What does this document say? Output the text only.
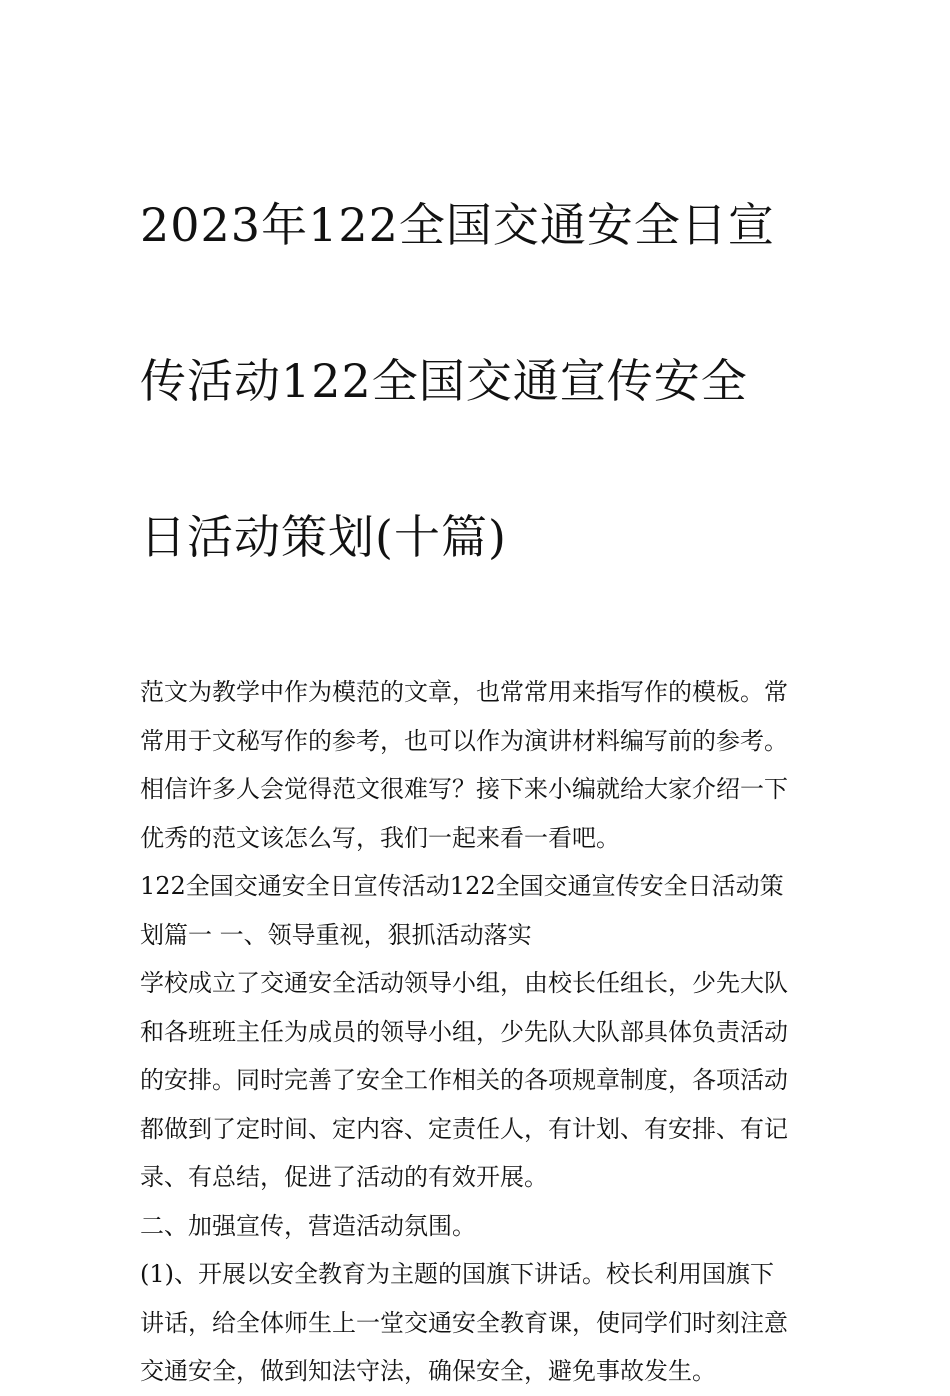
2023年122全国交通安全日宣

传活动122全国交通宣传安全

日活动策划(十篇)

范文为教学中作为模范的文章，也常常用来指写作的模板。常
常用于文秘写作的参考，也可以作为演讲材料编写前的参考。
相信许多人会觉得范文很难写？接下来小编就给大家介绍一下
优秀的范文该怎么写，我们一起来看一看吧。

122全国交通安全日宣传活动122全国交通宣传安全日活动策
划篇一 一、领导重视，狠抓活动落实

学校成立了交通安全活动领导小组，由校长任组长，少先大队
和各班班主任为成员的领导小组，少先队大队部具体负责活动
的安排。同时完善了安全工作相关的各项规章制度，各项活动
都做到了定时间、定内容、定责任人，有计划、有安排、有记
录、有总结，促进了活动的有效开展。

二、加强宣传，营造活动氛围。

(1)、开展以安全教育为主题的国旗下讲话。校长利用国旗下
讲话，给全体师生上一堂交通安全教育课，使同学们时刻注意
交通安全，做到知法守法，确保安全，避免事故发生。
